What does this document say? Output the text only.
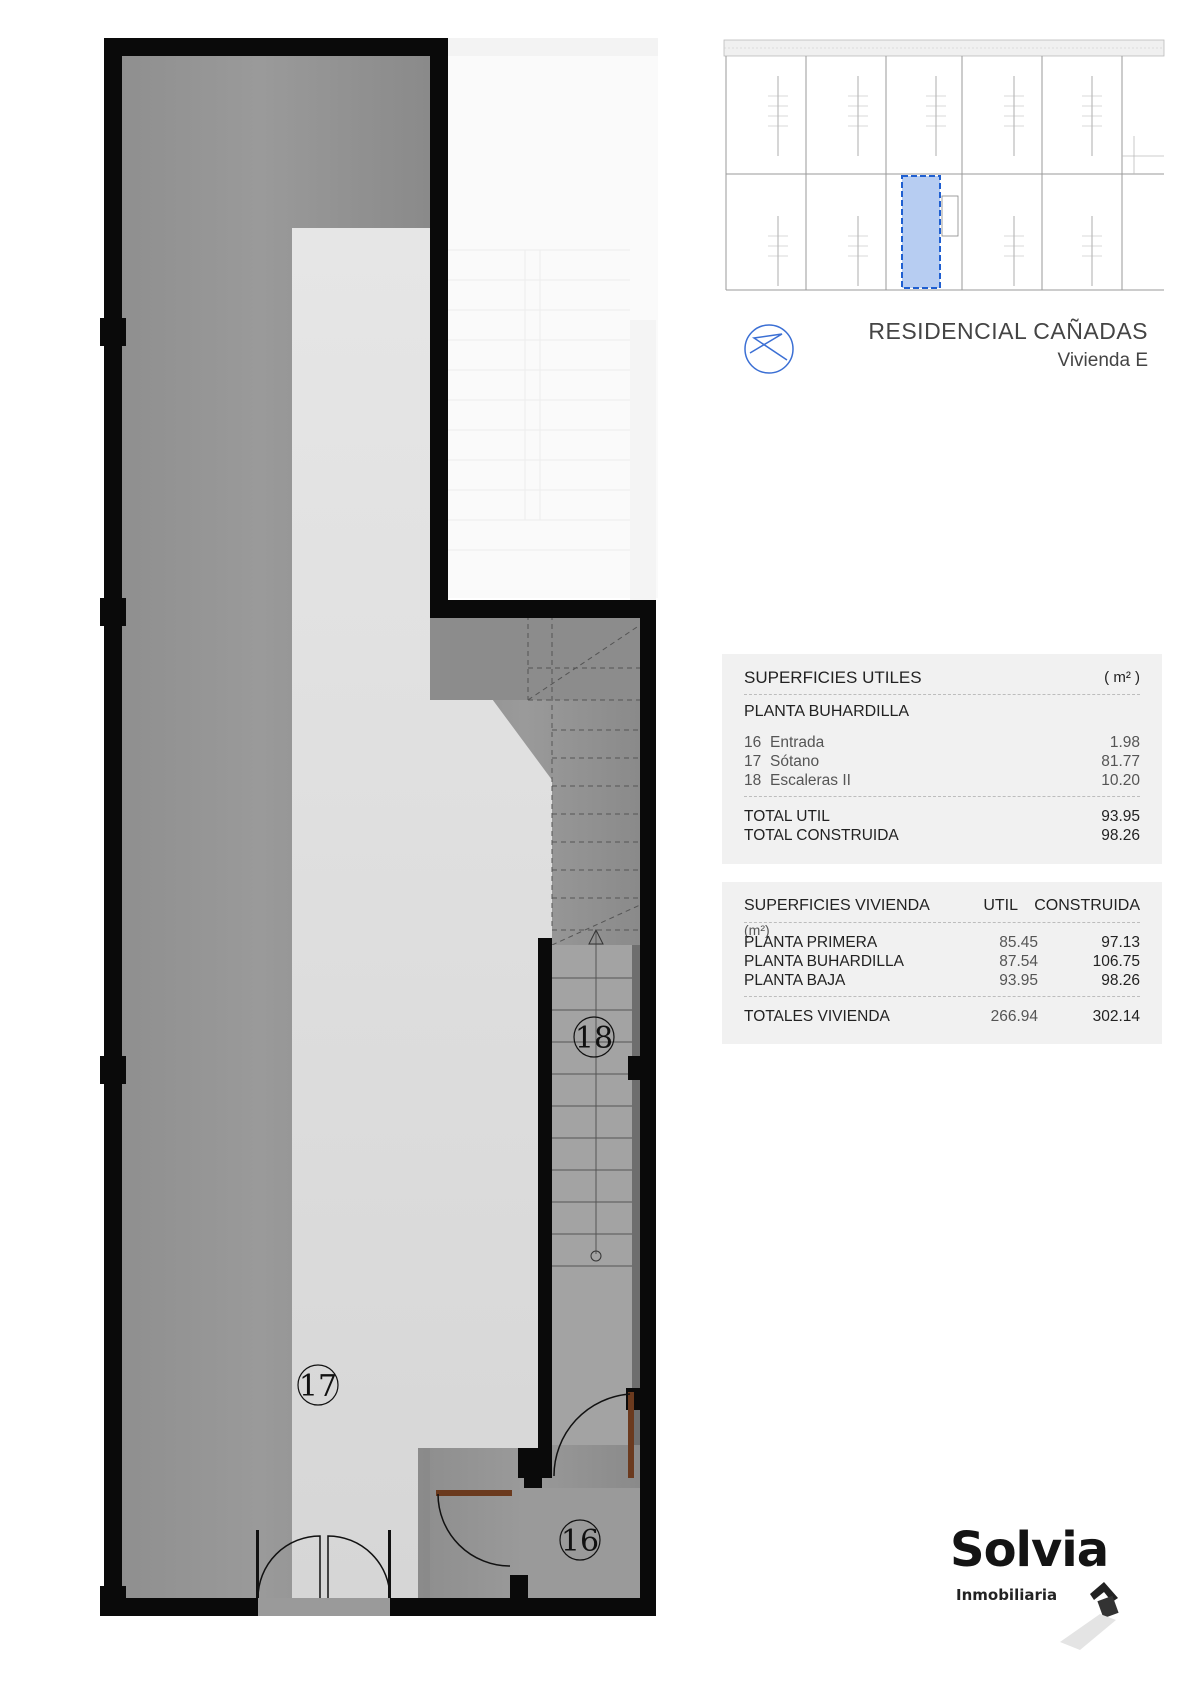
17
18
16
RESIDENCIAL CAÑADAS
Vivienda E
SUPERFICIES UTILES	( m² )
PLANTA BUHARDILLA
16 Entrada	1.98
17 Sótano	81.77
18 Escaleras II	10.20
TOTAL UTIL	93.95
TOTAL CONSTRUIDA	98.26
SUPERFICIES VIVIENDA (m²)
UTIL	CONSTRUIDA
PLANTA PRIMERA	85.45	97.13
PLANTA BUHARDILLA	87.54	106.75
PLANTA BAJA	93.95	98.26
TOTALES VIVIENDA	266.94	302.14
Solvia
Inmobiliaria
